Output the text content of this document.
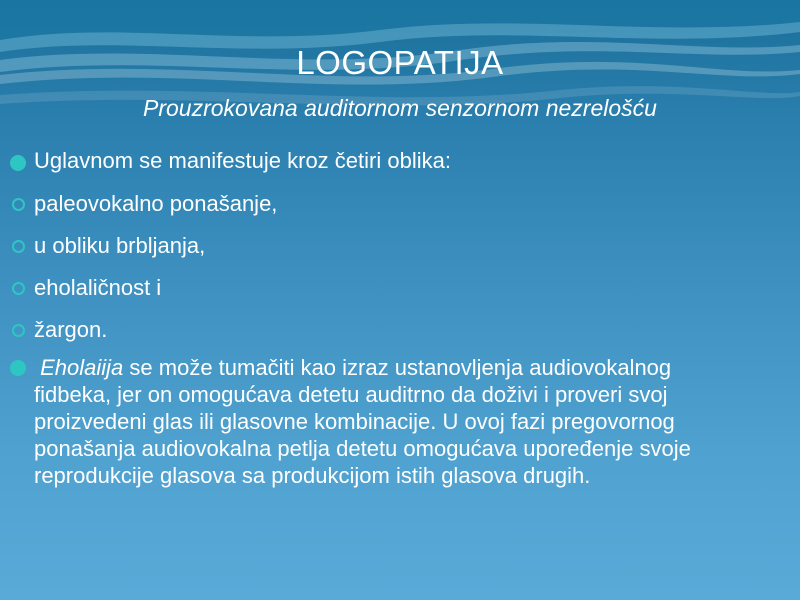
LOGOPATIJA

Prouzrokovana auditornom senzornom nezrelošću

Uglavnom se manifestuje kroz četiri oblika:
paleovokalno ponašanje,
u obliku brbljanja,
eholaličnost i
žargon.
Eholaiija se može tumačiti kao izraz ustanovljenja audiovokalnog
fidbeka, jer on omogućava detetu auditrno da doživi i proveri svoj
proizvedeni glas ili glasovne kombinacije. U ovoj fazi pregovornog
ponašanja audiovokalna petlja detetu omogućava upoređenje svoje
reprodukcije glasova sa produkcijom istih glasova drugih.
